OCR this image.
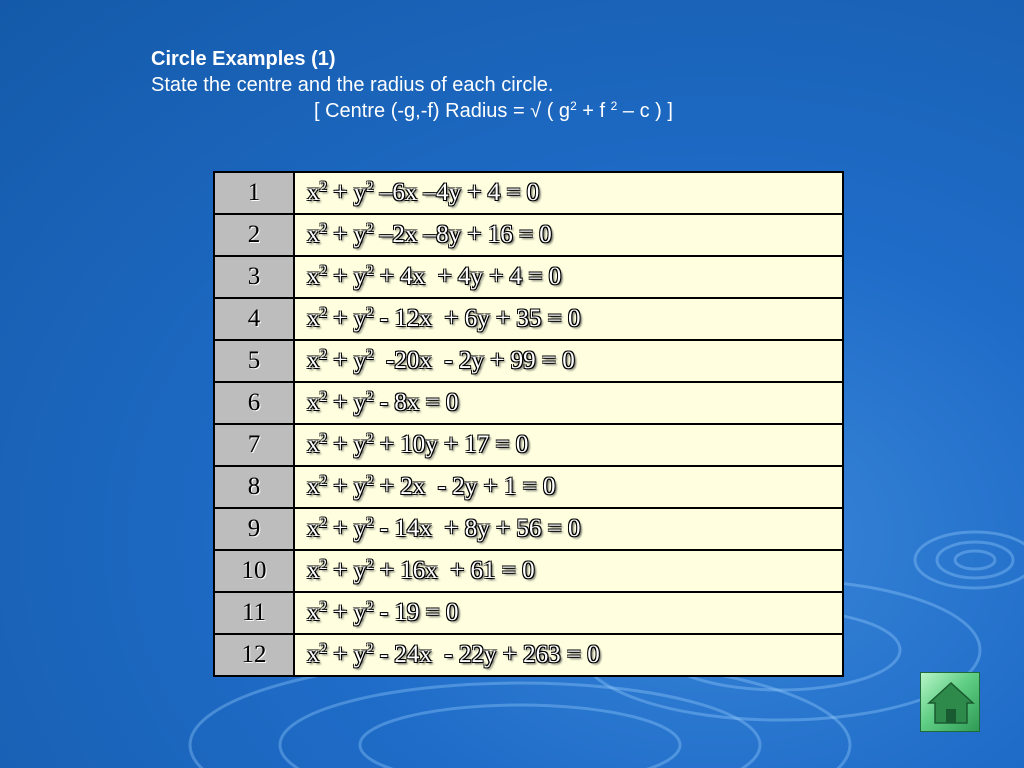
Circle Examples (1)
State the centre and the radius of each circle.
[ Centre (-g,-f) Radius = √ ( $g^2 + f$ $^2$ – c ) ]
1	$x^2 + y^2$ –6x –4y + 4 = 0
2	$x^2 + y^2$ –2x –8y + 16 = 0
3	$x^2 + y^2 + 4x + 4y + 4 = 0$
4	$x^2 + y^2 - 12x + 6y + 35 = 0$
5	$x^2 + y^2$  -20x  - 2y + 99 = 0
6	$x^2 + y^2 - 8x = 0$
7	$x^2 + y^2 + 10y + 17 = 0$
8	$x^2 + y^2 + 2x - 2y + 1 = 0$
9	$x^2 + y^2 - 14x + 8y + 56 = 0$
10	$x^2 + y^2 + 16x + 61 = 0$
11	$x^2 + y^2 - 19 = 0$
12	$x^2 + y^2 - 24x - 22y + 263 = 0$
